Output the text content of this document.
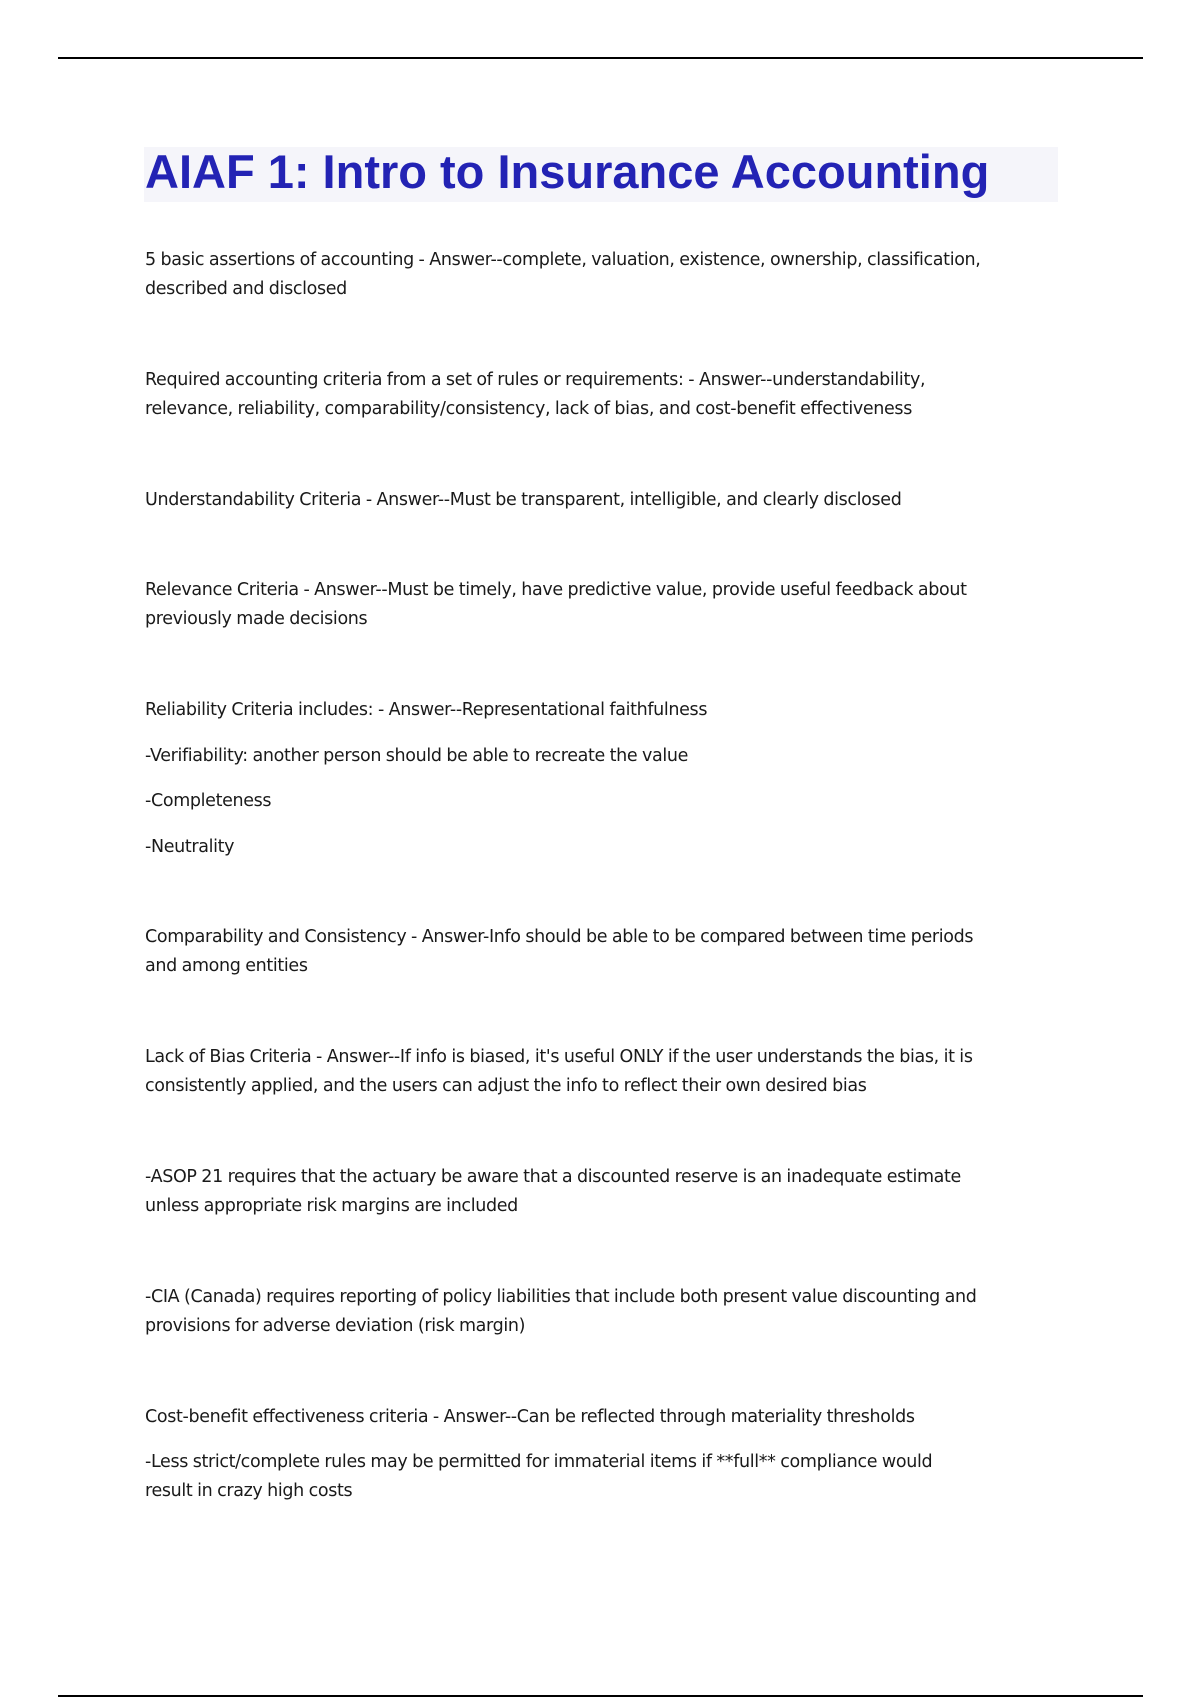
AIAF 1: Intro to Insurance Accounting

5 basic assertions of accounting - Answer--complete, valuation, existence, ownership, classification,

described and disclosed

Required accounting criteria from a set of rules or requirements: - Answer--understandability,

relevance, reliability, comparability/consistency, lack of bias, and cost-benefit effectiveness

Understandability Criteria - Answer--Must be transparent, intelligible, and clearly disclosed

Relevance Criteria - Answer--Must be timely, have predictive value, provide useful feedback about

previously made decisions

Reliability Criteria includes: - Answer--Representational faithfulness

-Verifiability: another person should be able to recreate the value

-Completeness

-Neutrality

Comparability and Consistency - Answer-Info should be able to be compared between time periods

and among entities

Lack of Bias Criteria - Answer--If info is biased, it's useful ONLY if the user understands the bias, it is

consistently applied, and the users can adjust the info to reflect their own desired bias

-ASOP 21 requires that the actuary be aware that a discounted reserve is an inadequate estimate

unless appropriate risk margins are included

-CIA (Canada) requires reporting of policy liabilities that include both present value discounting and

provisions for adverse deviation (risk margin)

Cost-benefit effectiveness criteria - Answer--Can be reflected through materiality thresholds

-Less strict/complete rules may be permitted for immaterial items if **full** compliance would

result in crazy high costs
